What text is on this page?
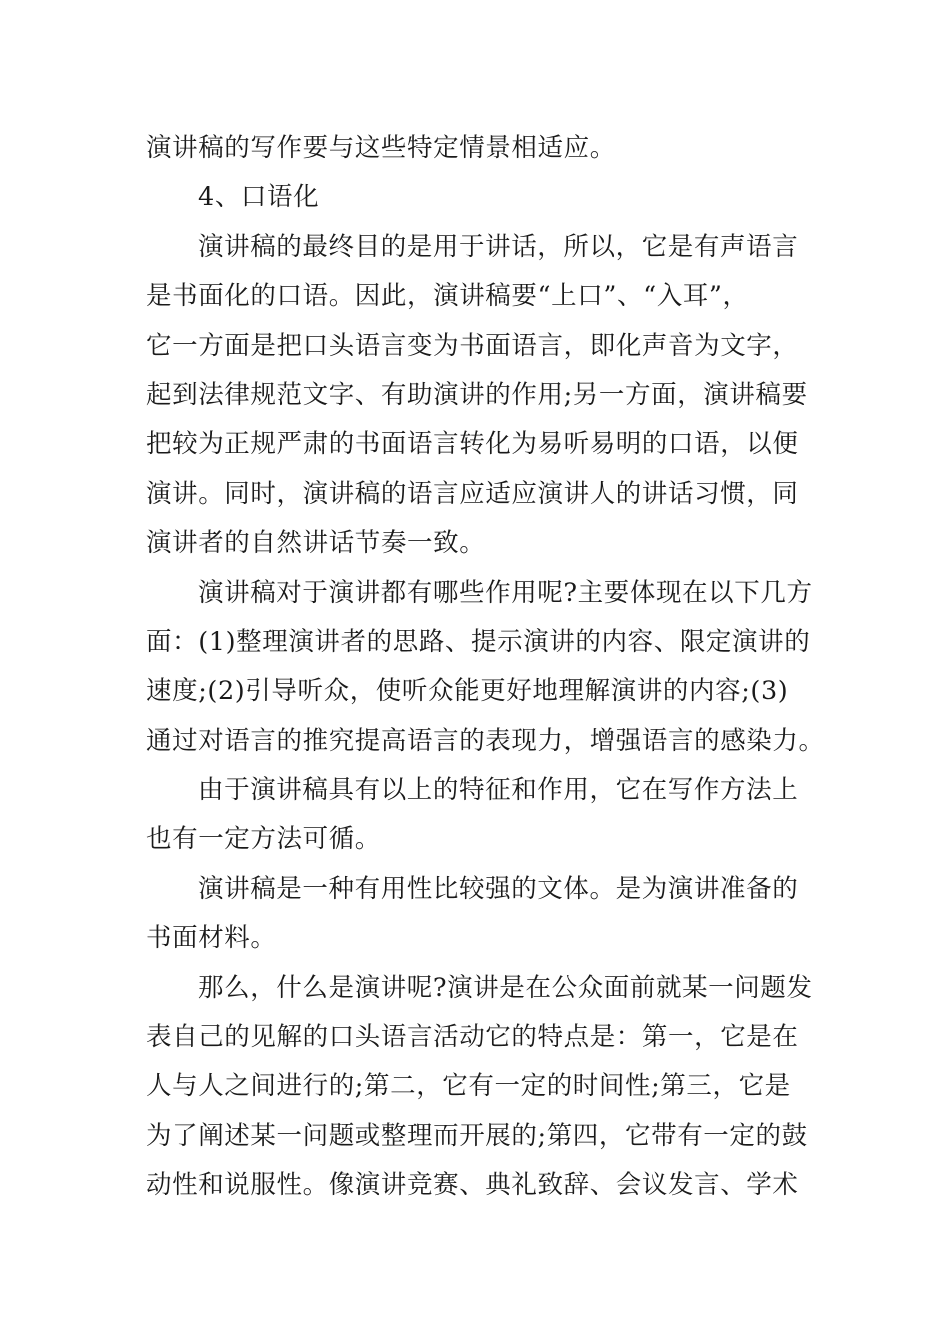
演讲稿的写作要与这些特定情景相适应。
4、口语化
演讲稿的最终目的是用于讲话，所以，它是有声语言
是书面化的口语。因此，演讲稿要“上口”、“入耳”，
它一方面是把口头语言变为书面语言，即化声音为文字，
起到法律规范文字、有助演讲的作用;另一方面，演讲稿要
把较为正规严肃的书面语言转化为易听易明的口语，以便
演讲。同时，演讲稿的语言应适应演讲人的讲话习惯，同
演讲者的自然讲话节奏一致。
演讲稿对于演讲都有哪些作用呢?主要体现在以下几方
面：(1)整理演讲者的思路、提示演讲的内容、限定演讲的
速度;(2)引导听众，使听众能更好地理解演讲的内容;(3)
通过对语言的推究提高语言的表现力，增强语言的感染力。
由于演讲稿具有以上的特征和作用，它在写作方法上
也有一定方法可循。
演讲稿是一种有用性比较强的文体。是为演讲准备的
书面材料。
那么，什么是演讲呢?演讲是在公众面前就某一问题发
表自己的见解的口头语言活动它的特点是：第一，它是在
人与人之间进行的;第二，它有一定的时间性;第三，它是
为了阐述某一问题或整理而开展的;第四，它带有一定的鼓
动性和说服性。像演讲竞赛、典礼致辞、会议发言、学术
